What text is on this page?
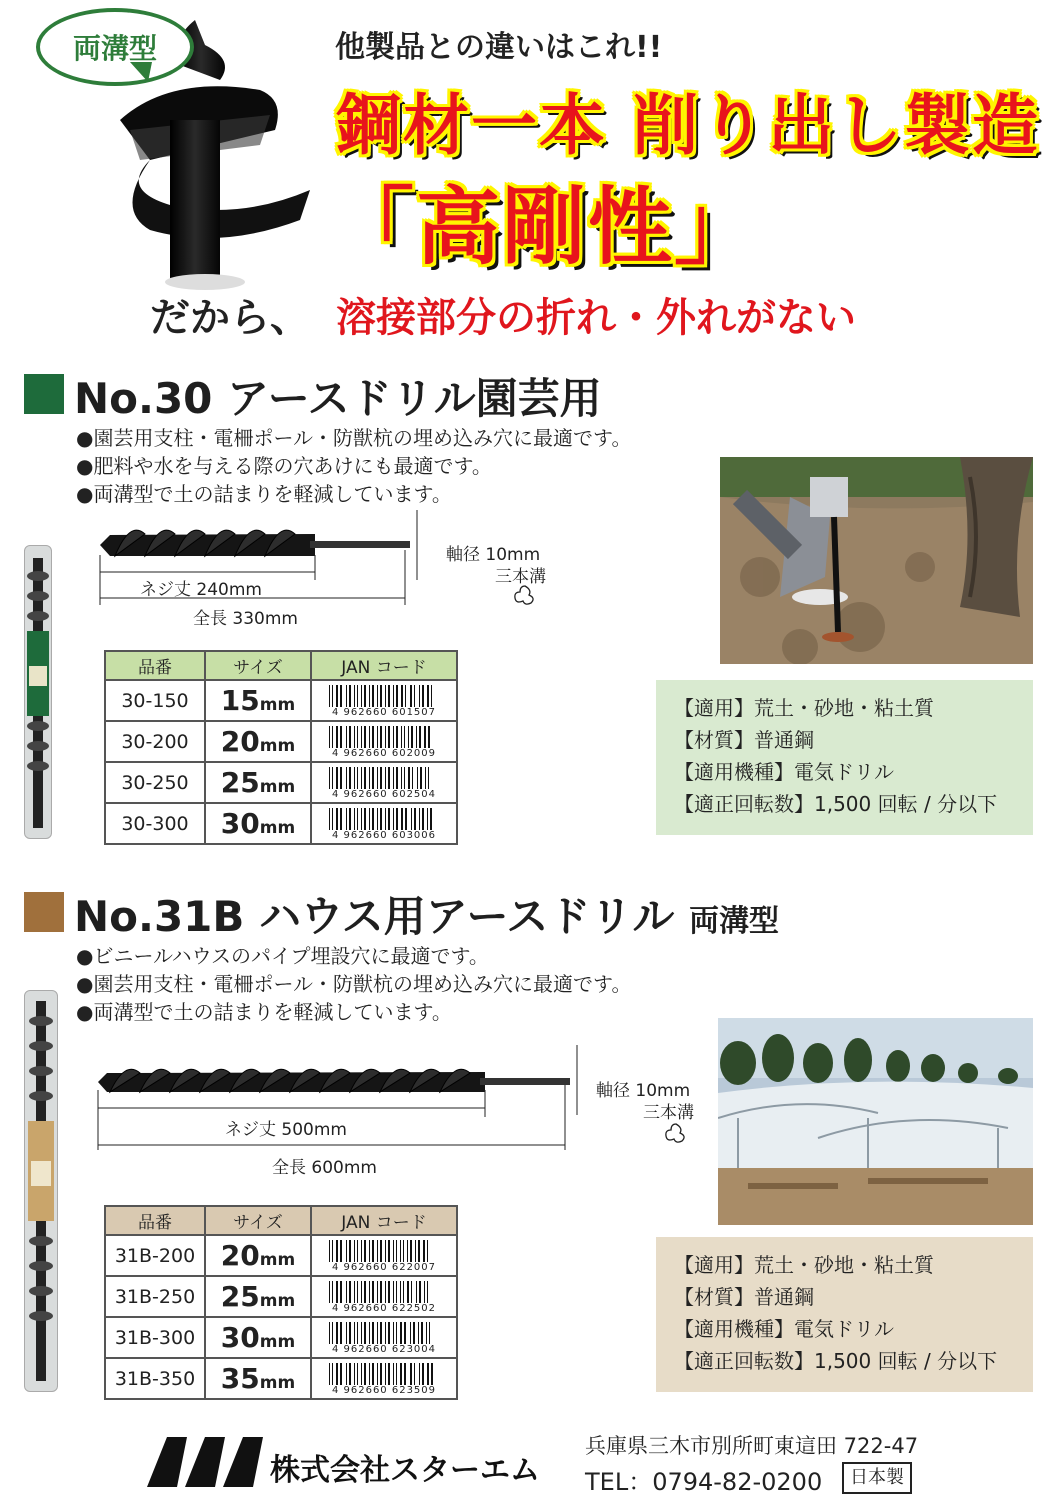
両溝型	他製品との違いはこれ!!
鋼材一本 削り出し製造
「高剛性」
だから、 溶接部分の折れ・外れがない
No.30 アースドリル園芸用
●園芸用支柱・電柵ポール・防獣杭の埋め込み穴に最適です。
●肥料や水を与える際の穴あけにも最適です。
●両溝型で土の詰まりを軽減しています。
ネジ丈 240mm
全長 330mm
軸径 10mm
三本溝
品番	サイズ	JAN コード
30-150	15mm	4 962660 601507

30-200	20mm	4 962660 602009

30-250	25mm	4 962660 602504

30-300	30mm	4 962660 603006
【適用】荒土・砂地・粘土質
【材質】普通鋼
【適用機種】電気ドリル
【適正回転数】1,500 回転 / 分以下
No.31B ハウス用アースドリル 両溝型
●ビニールハウスのパイプ埋設穴に最適です。
●園芸用支柱・電柵ポール・防獣杭の埋め込み穴に最適です。
●両溝型で土の詰まりを軽減しています。
ネジ丈 500mm
全長 600mm
軸径 10mm
三本溝
品番	サイズ	JAN コード
31B-200	20mm	4 962660 622007

31B-250	25mm	4 962660 622502

31B-300	30mm	4 962660 623004

31B-350	35mm	4 962660 623509
【適用】荒土・砂地・粘土質
【材質】普通鋼
【適用機種】電気ドリル
【適正回転数】1,500 回転 / 分以下
株式会社スターエム
兵庫県三木市別所町東這田 722-47
TEL：0794-82-0200	日本製
